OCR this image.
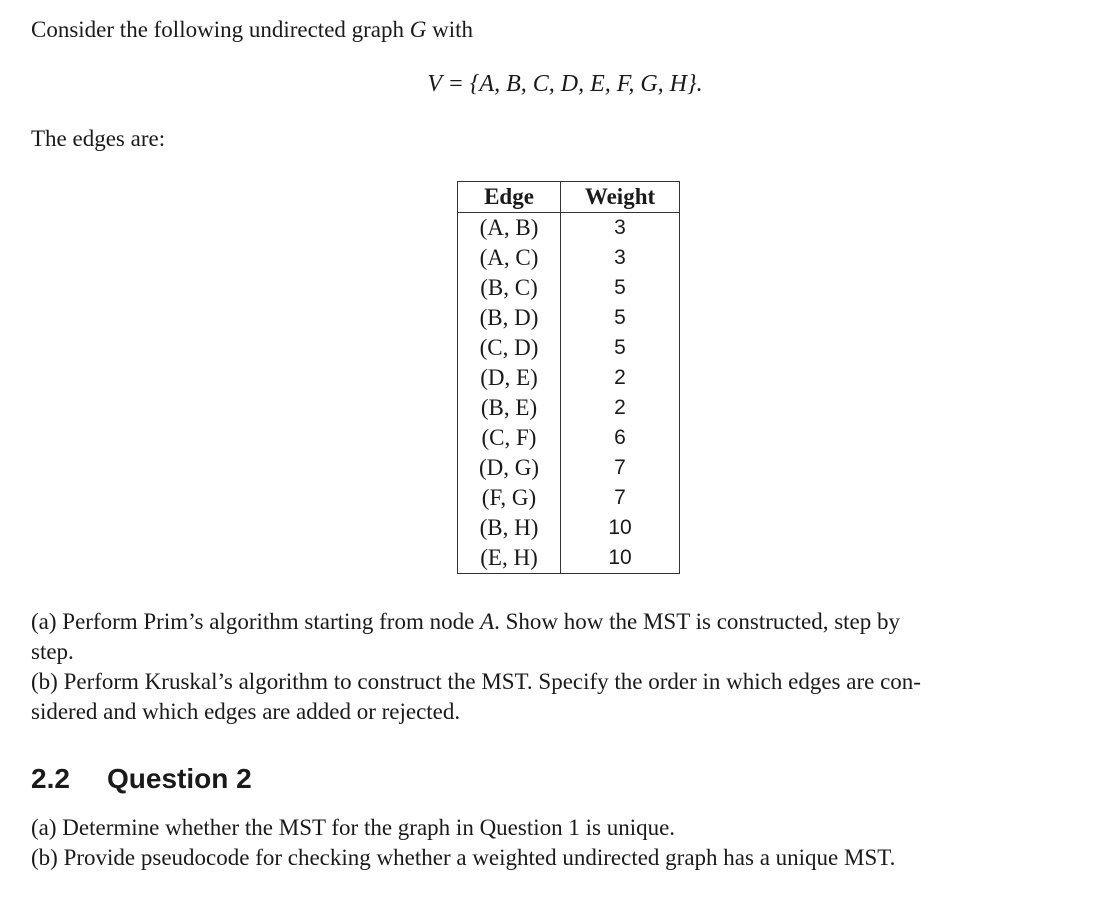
Consider the following undirected graph G with
V = {A, B, C, D, E, F, G, H}.
The edges are:
Edge	Weight
(A, B)	3
(A, C)	3
(B, C)	5
(B, D)	5
(C, D)	5
(D, E)	2
(B, E)	2
(C, F)	6
(D, G)	7
(F, G)	7
(B, H)	10
(E, H)	10
(a) Perform Prim’s algorithm starting from node A. Show how the MST is constructed, step by
step.
(b) Perform Kruskal’s algorithm to construct the MST. Specify the order in which edges are con-
sidered and which edges are added or rejected.
2.2 Question 2
(a) Determine whether the MST for the graph in Question 1 is unique.
(b) Provide pseudocode for checking whether a weighted undirected graph has a unique MST.
